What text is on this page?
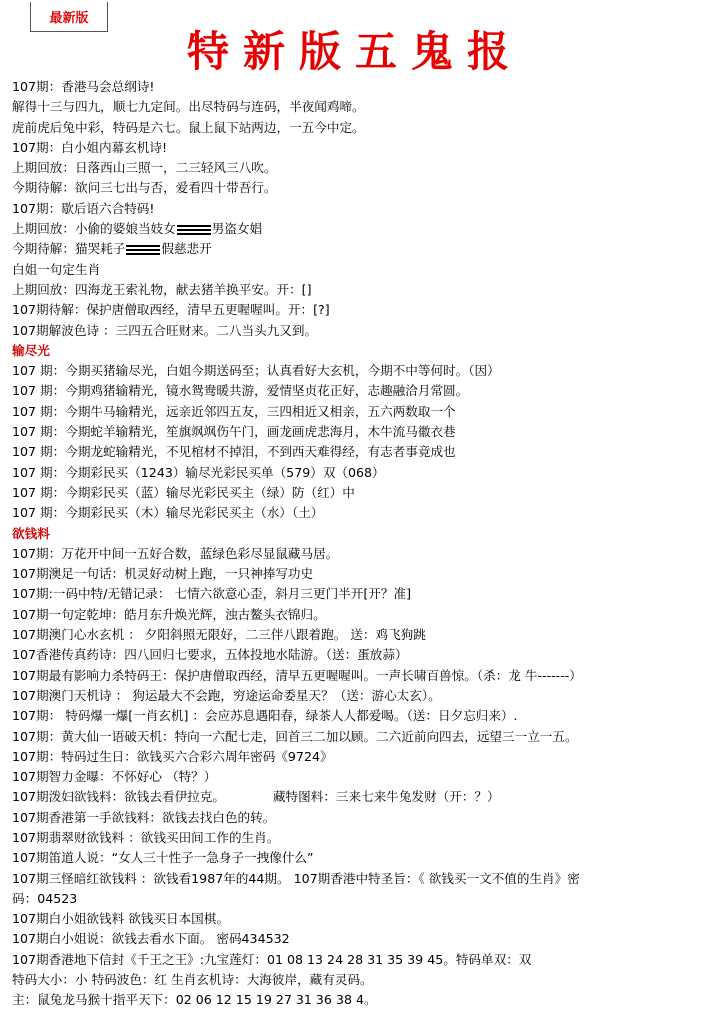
最新版
特新版五鬼报
107期：香港马会总纲诗!
解得十三与四九，顺七九定间。出尽特码与连码，半夜闻鸡啼。
虎前虎后兔中彩，特码是六七。鼠上鼠下站两边，一五今中定。
107期：白小姐内幕玄机诗!
上期回放：日落西山三照一，二三轻风三八吹。
今期待解：欲问三七出与否，爱看四十带吾行。
107期：歇后语六合特码!
上期回放：小偷的婆娘当妓女	男盗女娼
今期待解：猫哭耗子	假慈悲开
白姐一句定生肖
上期回放：四海龙王索礼物，献去猪羊换平安。开：[]
107期待解：保护唐僧取西经，清早五更喔喔叫。开：[?]
107期解波色诗 ：三四五合旺财来。二八当头九又到。
输尽光
107 期：今期买猪输尽光，白姐今期送码至；认真看好大玄机，今期不中等何时。（因）
107 期：今期鸡猪输精光，镜水鸳鸯暖共游，爱情坚贞花正好，志趣融洽月常圆。
107 期：今期牛马输精光，远亲近邻四五友，三四相近又相亲，五六两数取一个
107 期：今期蛇羊输精光，笙旗飒飒伤午门，画龙画虎悲海月，木牛流马徽衣巷
107 期：今期龙蛇输精光，不见棺材不掉泪，不到西天难得经，有志者事竟成也
107 期：今期彩民买（1243）输尽光彩民买单（579）双（068）
107 期：今期彩民买（蓝）输尽光彩民买主（绿）防（红）中
107 期：今期彩民买（木）输尽光彩民买主（水）（土）
欲钱料
107期：万花开中间一五好合数，蓝绿色彩尽显鼠藏马居。
107期澳足一句话：机灵好动树上跑，一只神捧写功史
107期:一码中特/无错记录： 七情六欲意心歪，斜月三更门半开[开？准]
107期一句定乾坤：皓月东升焕光辉，浊古鳌头衣锦归。
107期澳门心水玄机 ： 夕阳斜照无限好，二三伴八跟着跑。 送：鸡飞狗跳
107香港传真药诗：四八回归七要求，五体投地水陆游。（送：蛋放蒜）
107期最有影响力杀特码王：保护唐僧取西经，清早五更喔喔叫。一声长啸百兽惊。（杀：龙 牛-------）
107期澳门天机诗 ： 狗运最大不会跑，穷途运命委星天？（送：游心太玄）。
107期： 特码爆一爆[一肖玄机] ：会应苏息遇阳春，绿茶人人都爱喝。（送：日夕忘归来）.
107期：黄大仙一语破天机：特向一六配七走，回首三二加以顾。二六近前向四去，远望三一立一五。
107期：特码过生日：欲钱买六合彩六周年密码《9724》
107期智力金曝：不怀好心 （特？）
107期泼妇欲钱料：欲钱去看伊拉克。	藏特图料：三来七来牛兔发财（开：？）
107期香港第一手欲钱料：欲钱去找白色的转。
107期翡翠财欲钱料 ：欲钱买田间工作的生肖。
107期笛道人说：“女人三十性子一急身子一拽像什么”
107期三怪暗红欲钱料 ：欲钱看1987年的44期。 107期香港中特圣旨：《 欲钱买一文不值的生肖》密
码：04523
107期白小姐欲钱料 欲钱买日本国棋。
107期白小姐说：欲钱去看水下面。 密码434532
107期香港地下信封《千王之王》:九宝莲灯：01 08 13 24 28 31 35 39 45。特码单双：双
特码大小：小 特码波色：红 生肖玄机诗：大海彼岸，藏有灵码。
主：鼠兔龙马猴十指平天下：02 06 12 15 19 27 31 36 38 4。
